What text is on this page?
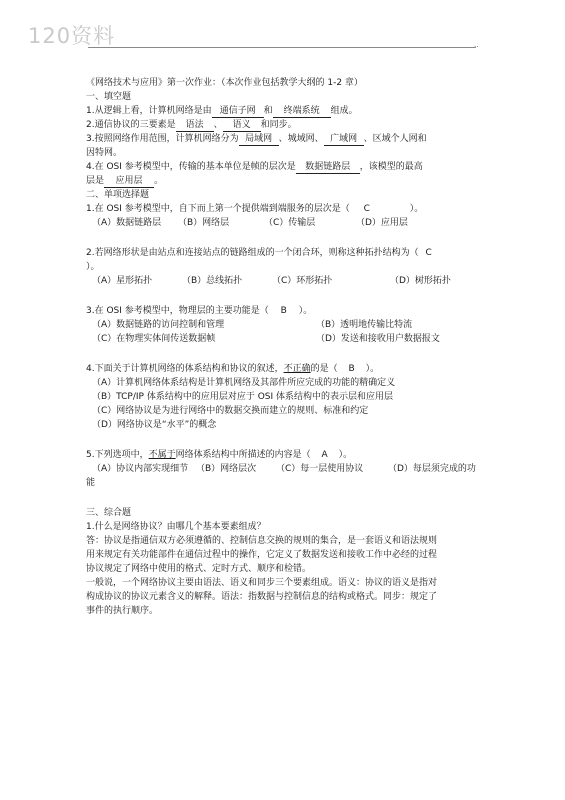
120资料	..
《网络技术与应用》第一次作业：（本次作业包括教学大纲的 1-2 章）
一、填空题
1.从逻辑上看，计算机网络是由 通信子网 和 终端系统 组成。
2.通信协议的三要素是 语法 、 语义 和同步。
3.按照网络作用范围，计算机网络分为 局域网 、城域网、 广域网 、区域个人网和
因特网。
4.在 OSI 参考模型中，传输的基本单位是帧的层次是 数据链路层 ，该模型的最高
层是 应用层 。
二、单项选择题
1.在 OSI 参考模型中，自下而上第一个提供端到端服务的层次是（ C	）。
（A）数据链路层 （B）网络层	（C）传输层	（D）应用层
2.若网络形状是由站点和连接站点的链路组成的一个闭合环，则称这种拓扑结构为（ C
）。
（A）星形拓扑	（B）总线拓扑	（C）环形拓扑	（D）树形拓扑
3.在 OSI 参考模型中，物理层的主要功能是（ B ）。
（A）数据链路的访问控制和管理	（B）透明地传输比特流
（C）在物理实体间传送数据帧	（D）发送和接收用户数据报文
4.下面关于计算机网络的体系结构和协议的叙述，不正确的是（ B ）。
（A）计算机网络体系结构是计算机网络及其部件所应完成的功能的精确定义
（B）TCP/IP 体系结构中的应用层对应于 OSI 体系结构中的表示层和应用层
（C）网络协议是为进行网络中的数据交换而建立的规则、标准和约定
（D）网络协议是“水平”的概念
5.下列选项中，不属于网络体系结构中所描述的内容是（ A ）。
（A）协议内部实现细节 （B）网络层次 （C）每一层使用协议	（D）每层须完成的功
能
三、综合题
1.什么是网络协议？由哪几个基本要素组成？
答：协议是指通信双方必须遵循的、控制信息交换的规则的集合，是一套语义和语法规则
用来规定有关功能部件在通信过程中的操作，它定义了数据发送和接收工作中必经的过程
协议规定了网络中使用的格式、定时方式、顺序和检错。
一般说，一个网络协议主要由语法、语义和同步三个要素组成。语义：协议的语义是指对
构成协议的协议元素含义的解释。语法：指数据与控制信息的结构或格式。同步：规定了
事件的执行顺序。
